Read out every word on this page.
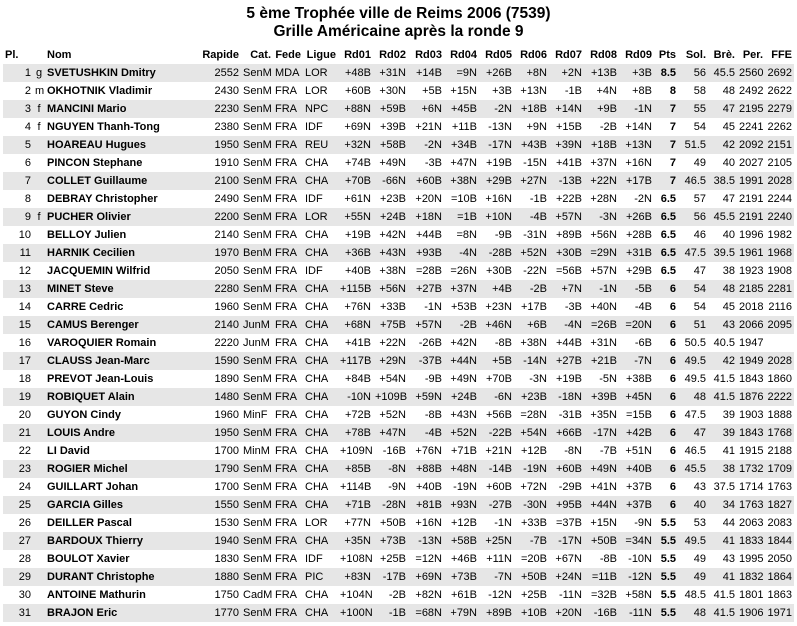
5 ème Trophée ville de Reims 2006 (7539)
Grille Américaine après la ronde 9
Pl.		Nom	Rapide	Cat.	Fede	Ligue	Rd01	Rd02	Rd03	Rd04	Rd05	Rd06	Rd07	Rd08	Rd09	Pts	Sol.	Brè.	Per.	FFE
1	g	SVETUSHKIN Dmitry	2552	SenM	MDA	LOR	+48B	+31N	+14B	=9N	+26B	+8N	+2N	+13B	+3B	8.5	56	45.5	2560	2692
2	m	OKHOTNIK Vladimir	2430	SenM	FRA	LOR	+60B	+30N	+5B	+15N	+3B	+13N	-1B	+4N	+8B	8	58	48	2492	2622
3	f	MANCINI Mario	2230	SenM	FRA	NPC	+88N	+59B	+6N	+45B	-2N	+18B	+14N	+9B	-1N	7	55	47	2195	2279
4	f	NGUYEN Thanh-Tong	2380	SenM	FRA	IDF	+69N	+39B	+21N	+11B	-13N	+9N	+15B	-2B	+14N	7	54	45	2241	2262
5		HOAREAU Hugues	1950	SenM	FRA	REU	+32N	+58B	-2N	+34B	-17N	+43B	+39N	+18B	+13N	7	51.5	42	2092	2151
6		PINCON Stephane	1910	SenM	FRA	CHA	+74B	+49N	-3B	+47N	+19B	-15N	+41B	+37N	+16N	7	49	40	2027	2105
7		COLLET Guillaume	2100	SenM	FRA	CHA	+70B	-66N	+60B	+38N	+29B	+27N	-13B	+22N	+17B	7	46.5	38.5	1991	2028
8		DEBRAY Christopher	2490	SenM	FRA	IDF	+61N	+23B	+20N	=10B	+16N	-1B	+22B	+28N	-2N	6.5	57	47	2191	2244
9	f	PUCHER Olivier	2200	SenM	FRA	LOR	+55N	+24B	+18N	=1B	+10N	-4B	+57N	-3N	+26B	6.5	56	45.5	2191	2240
10		BELLOY Julien	2140	SenM	FRA	CHA	+19B	+42N	+44B	=8N	-9B	-31N	+89B	+56N	+28B	6.5	46	40	1996	1982
11		HARNIK Cecilien	1970	BenM	FRA	CHA	+36B	+43N	+93B	-4N	-28B	+52N	+30B	=29N	+31B	6.5	47.5	39.5	1961	1968
12		JACQUEMIN Wilfrid	2050	SenM	FRA	IDF	+40B	+38N	=28B	=26N	+30B	-22N	=56B	+57N	+29B	6.5	47	38	1923	1908
13		MINET Steve	2280	SenM	FRA	CHA	+115B	+56N	+27B	+37N	+4B	-2B	+7N	-1N	-5B	6	54	48	2185	2281
14		CARRE Cedric	1960	SenM	FRA	CHA	+76N	+33B	-1N	+53B	+23N	+17B	-3B	+40N	-4B	6	54	45	2018	2116
15		CAMUS Berenger	2140	JunM	FRA	CHA	+68N	+75B	+57N	-2B	+46N	+6B	-4N	=26B	=20N	6	51	43	2066	2095
16		VAROQUIER Romain	2220	JunM	FRA	CHA	+41B	+22N	-26B	+42N	-8B	+38N	+44B	+31N	-6B	6	50.5	40.5	1947	
17		CLAUSS Jean-Marc	1590	SenM	FRA	CHA	+117B	+29N	-37B	+44N	+5B	-14N	+27B	+21B	-7N	6	49.5	42	1949	2028
18		PREVOT Jean-Louis	1890	SenM	FRA	CHA	+84B	+54N	-9B	+49N	+70B	-3N	+19B	-5N	+38B	6	49.5	41.5	1843	1860
19		ROBIQUET Alain	1480	SenM	FRA	CHA	-10N	+109B	+59N	+24B	-6N	+23B	-18N	+39B	+45N	6	48	41.5	1876	2222
20		GUYON Cindy	1960	MinF	FRA	CHA	+72B	+52N	-8B	+43N	+56B	=28N	-31B	+35N	=15B	6	47.5	39	1903	1888
21		LOUIS Andre	1950	SenM	FRA	CHA	+78B	+47N	-4B	+52N	-22B	+54N	+66B	-17N	+42B	6	47	39	1843	1768
22		LI David	1700	MinM	FRA	CHA	+109N	-16B	+76N	+71B	+21N	+12B	-8N	-7B	+51N	6	46.5	41	1915	2188
23		ROGIER Michel	1790	SenM	FRA	CHA	+85B	-8N	+88B	+48N	-14B	-19N	+60B	+49N	+40B	6	45.5	38	1732	1709
24		GUILLART Johan	1700	SenM	FRA	CHA	+114B	-9N	+40B	-19N	+60B	+72N	-29B	+41N	+37B	6	43	37.5	1714	1763
25		GARCIA Gilles	1550	SenM	FRA	CHA	+71B	-28N	+81B	+93N	-27B	-30N	+95B	+44N	+37B	6	40	34	1763	1827
26		DEILLER Pascal	1530	SenM	FRA	LOR	+77N	+50B	+16N	+12B	-1N	+33B	=37B	+15N	-9N	5.5	53	44	2063	2083
27		BARDOUX Thierry	1940	SenM	FRA	CHA	+35N	+73B	-13N	+58B	+25N	-7B	-17N	+50B	=34N	5.5	49.5	41	1833	1844
28		BOULOT Xavier	1830	SenM	FRA	IDF	+108N	+25B	=12N	+46B	+11N	=20B	+67N	-8B	-10N	5.5	49	43	1995	2050
29		DURANT Christophe	1880	SenM	FRA	PIC	+83N	-17B	+69N	+73B	-7N	+50B	+24N	=11B	-12N	5.5	49	41	1832	1864
30		ANTOINE Mathurin	1750	CadM	FRA	CHA	+104N	-2B	+82N	+61B	-12N	+25B	-11N	=32B	+58N	5.5	48.5	41.5	1801	1863
31		BRAJON Eric	1770	SenM	FRA	CHA	+100N	-1B	=68N	+79N	+89B	+10B	+20N	-16B	-11N	5.5	48	41.5	1906	1971
